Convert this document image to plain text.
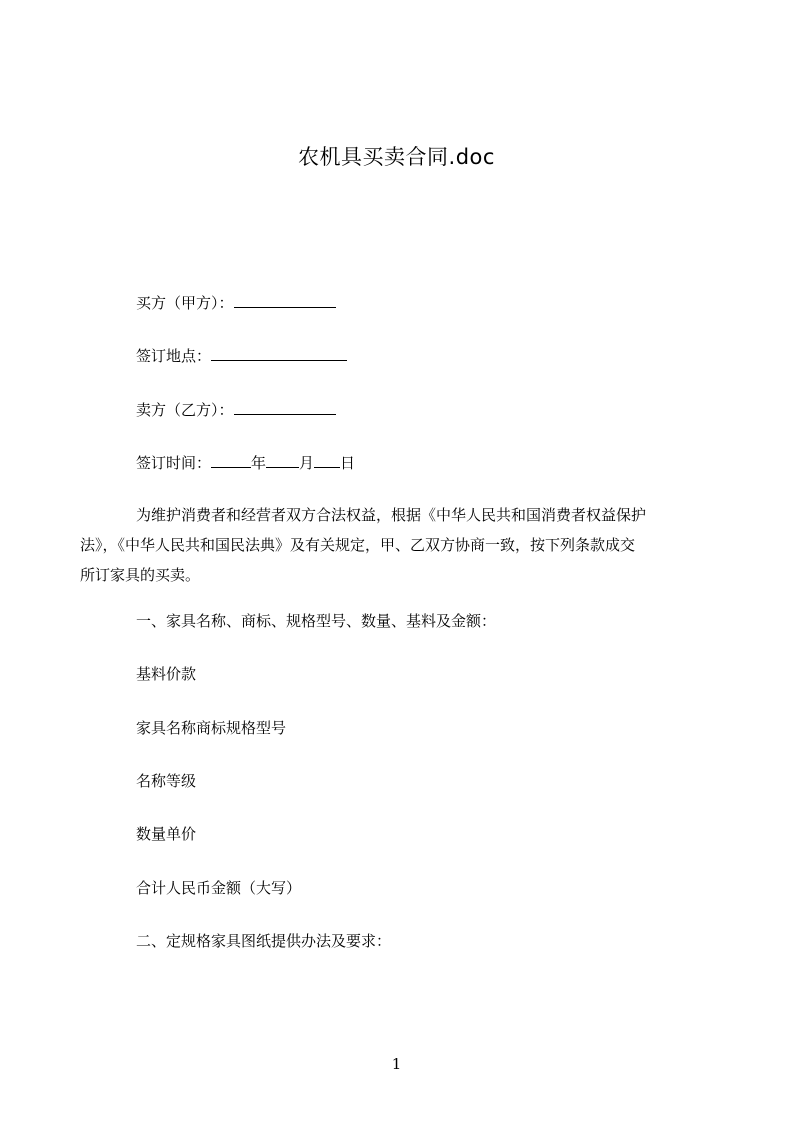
农机具买卖合同.doc
买方（甲方）：
签订地点：
卖方（乙方）：
签订时间：	年 月 日
为维护消费者和经营者双方合法权益，根据《中华人民共和国消费者权益保护
法》，《中华人民共和国民法典》及有关规定，甲、乙双方协商一致，按下列条款成交
所订家具的买卖。
一、家具名称、商标、规格型号、数量、基料及金额：
基料价款
家具名称商标规格型号
名称等级
数量单价
合计人民币金额（大写）
二、定规格家具图纸提供办法及要求：
1
